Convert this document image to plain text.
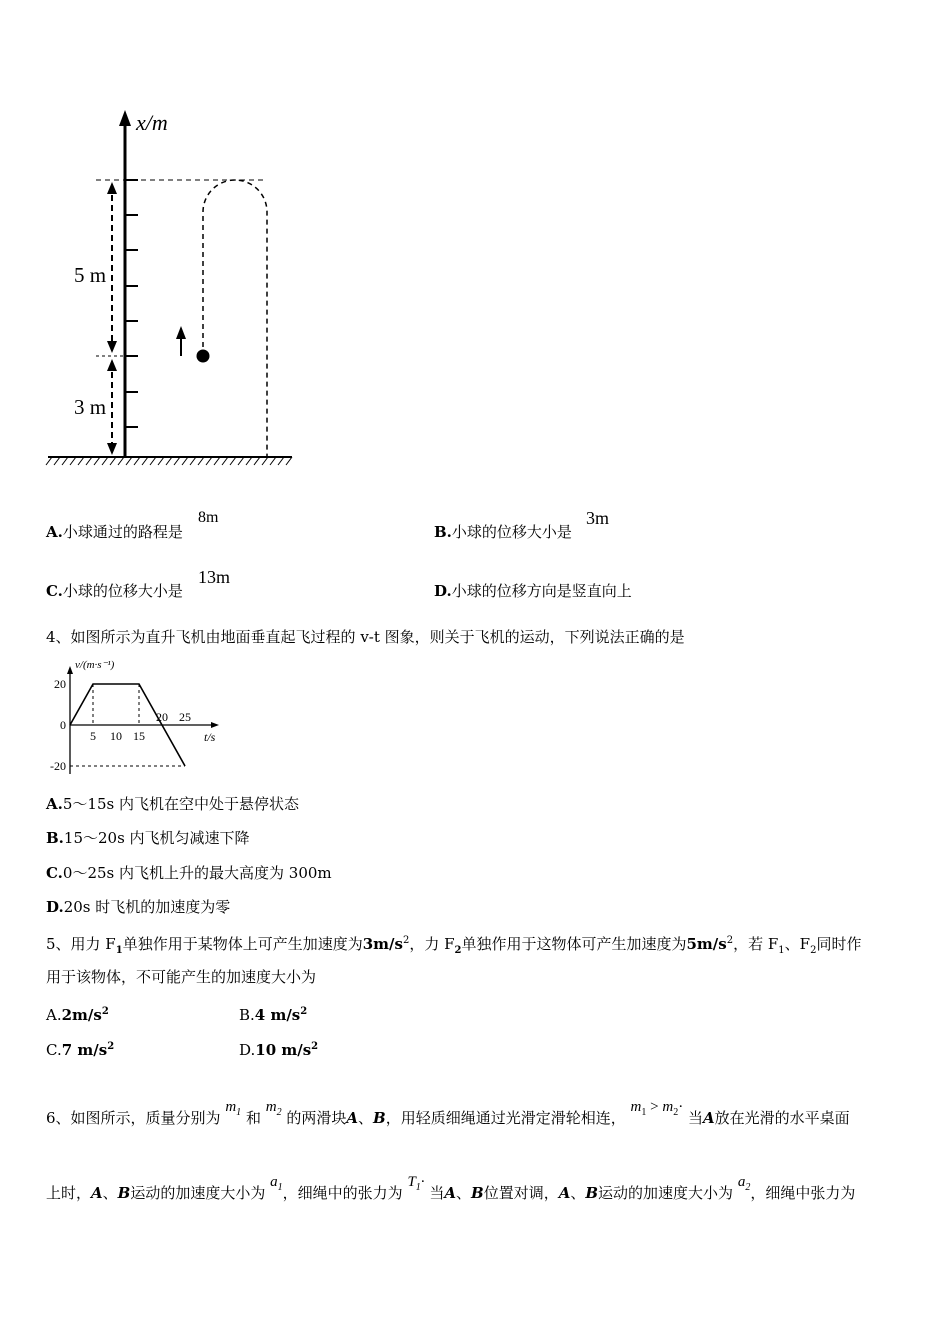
x/m
5 m
3 m
A.小球通过的路程是
8m
B.小球的位移大小是
3m
C.小球的位移大小是
13m
D.小球的位移方向是竖直向上
4、如图所示为直升飞机由地面垂直起飞过程的 v-t 图象，则关于飞机的运动，下列说法正确的是
5 10 15
20 25
20
0
-20
v/(m·s⁻¹)
t/s
A.5～15s 内飞机在空中处于悬停状态
B.15～20s 内飞机匀减速下降
C.0～25s 内飞机上升的最大高度为 300m
D.20s 时飞机的加速度为零
5、用力 $F_1$单独作用于某物体上可产生加速度为$3m/s^2$，力 $F_2$单独作用于这物体可产生加速度为$5m/s^2$，若 $F_1$、$F_2$同时作
用于该物体，不可能产生的加速度大小为
$A.2m/s^2$	B.4 $m/s^2$
C.7 $m/s^2$	D.10 $m/s^2$
6、如图所示，质量分别为 $m_1$ 和 $m_2$ 的两滑块A、B，用轻质细绳通过光滑定滑轮相连， $m_1 > m_2\cdot$ 当A放在光滑的水平桌面
上时，A、B运动的加速度大小为 $a_1$，细绳中的张力为 $T_1\cdot$ 当A、B位置对调，A、B运动的加速度大小为 $a_2$，细绳中张力为
